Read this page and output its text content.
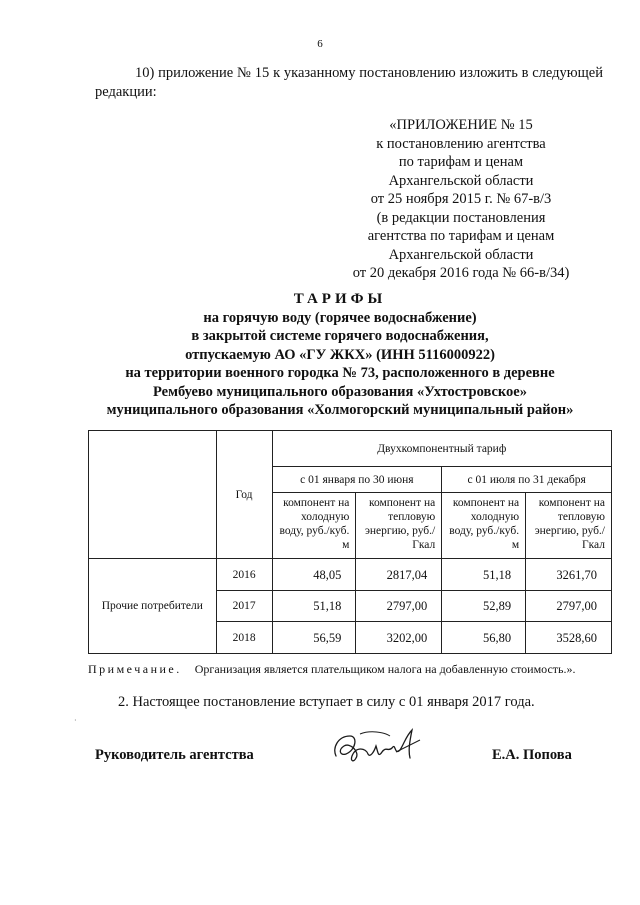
6
10) приложение № 15 к указанному постановлению изложить в следующей редакции:
«ПРИЛОЖЕНИЕ № 15
к постановлению агентства
по тарифам и ценам
Архангельской области
от 25 ноября 2015 г. № 67-в/3
(в редакции постановления
агентства по тарифам и ценам
Архангельской области
от 20 декабря 2016 года № 66-в/34)
ТАРИФЫ
на горячую воду (горячее водоснабжение)
в закрытой системе горячего водоснабжения,
отпускаемую АО «ГУ ЖКХ» (ИНН 5116000922)
на территории военного городка № 73, расположенного в деревне
Рембуево муниципального образования «Ухтостровское»
муниципального образования «Холмогорский муниципальный район»
	Год	Двухкомпонентный тариф			
		с 01 января по 30 июня		с 01 июля по 31 декабря	
		компонент на холодную воду, руб./куб. м	компонент на тепловую энергию, руб./Гкал	компонент на холодную воду, руб./куб. м	компонент на тепловую энергию, руб./Гкал
Прочие потребители	2016	48,05	2817,04	51,18	3261,70
	2017	51,18	2797,00	52,89	2797,00
	2018	56,59	3202,00	56,80	3528,60
Примечание. Организация является плательщиком налога на добавленную стоимость.».
·
2. Настоящее постановление вступает в силу с 01 января 2017 года.
Руководитель агентства	Е.А. Попова
